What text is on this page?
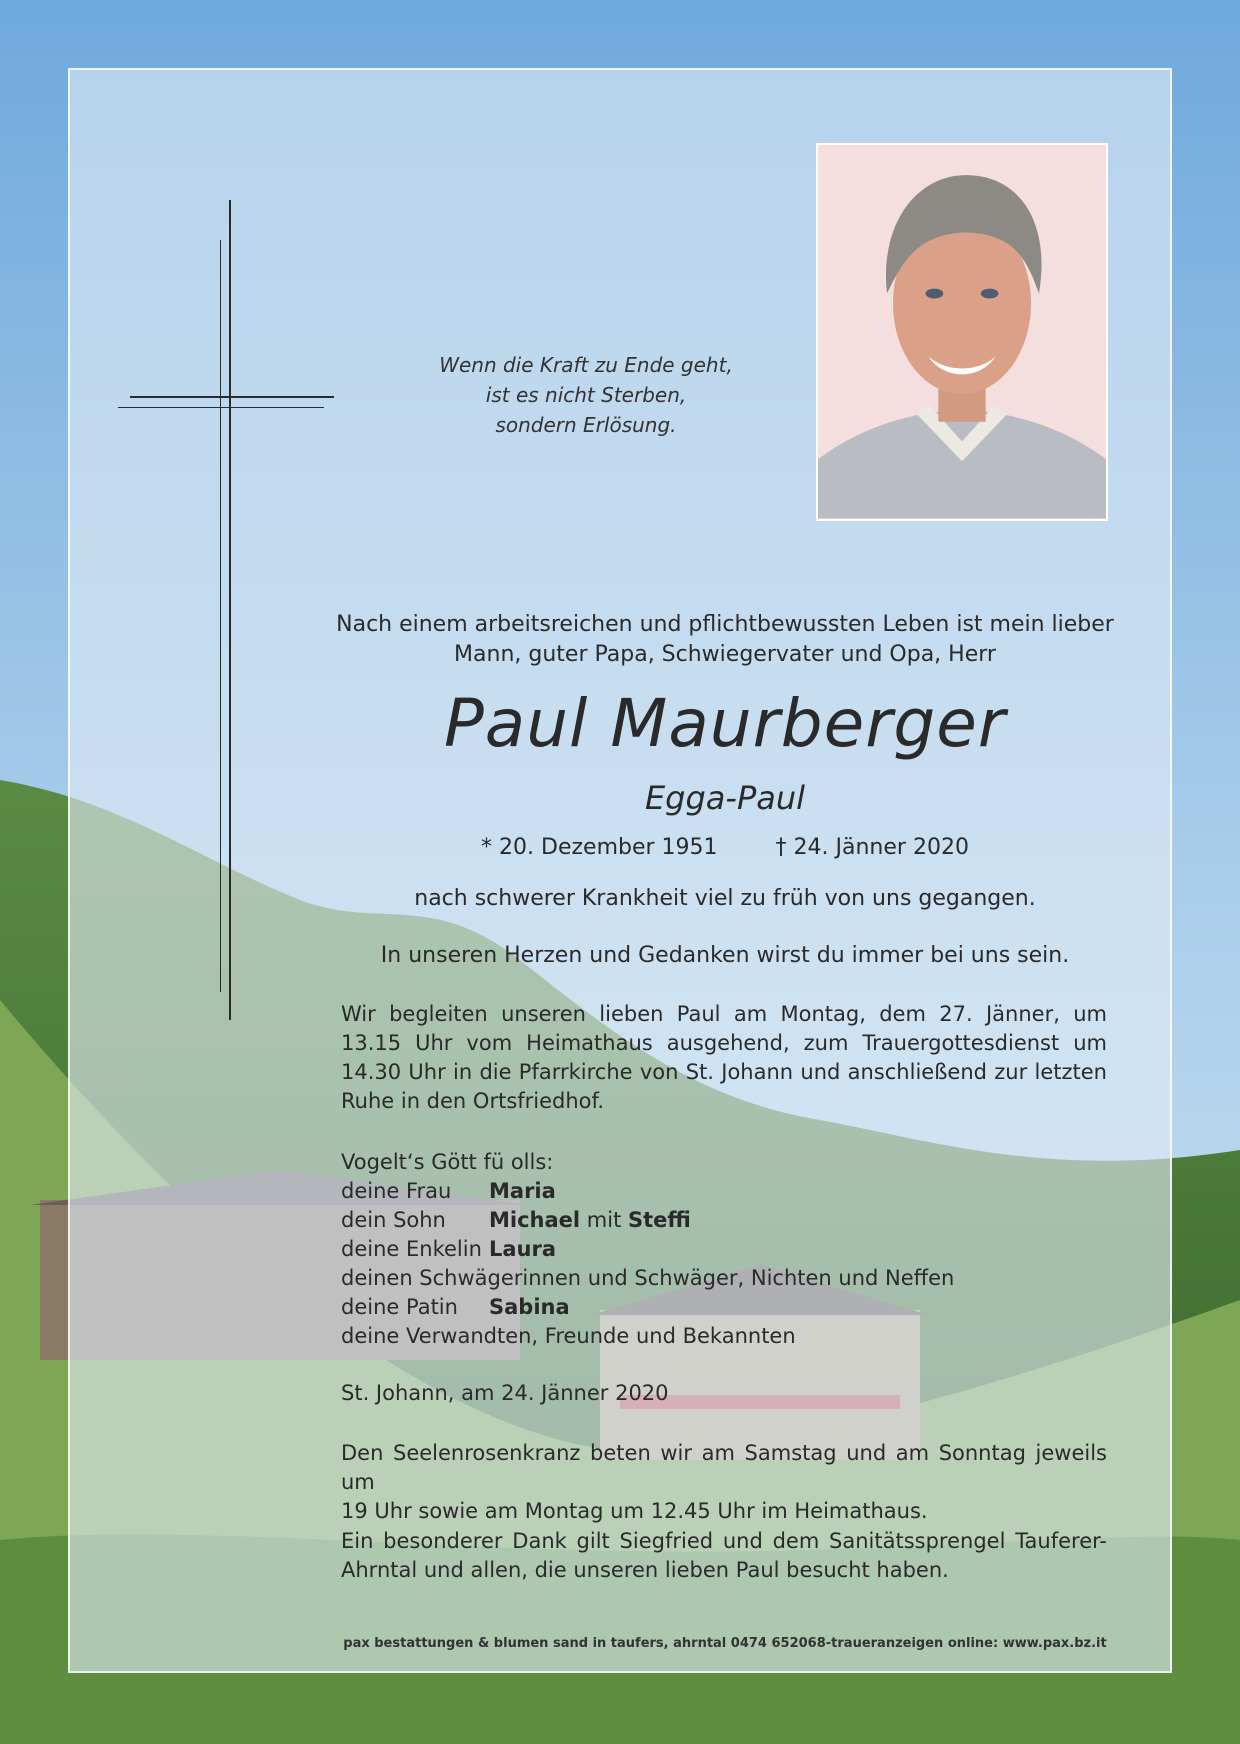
Wenn die Kraft zu Ende geht,
ist es nicht Sterben,
sondern Erlösung.
Nach einem arbeitsreichen und pflichtbewussten Leben ist mein lieber
Mann, guter Papa, Schwiegervater und Opa, Herr
Paul Maurberger
Egga-Paul
* 20. Dezember 1951	† 24. Jänner 2020
nach schwerer Krankheit viel zu früh von uns gegangen.
In unseren Herzen und Gedanken wirst du immer bei uns sein.
Wir begleiten unseren lieben Paul am Montag, dem 27. Jänner, um
13.15 Uhr vom Heimathaus ausgehend, zum Trauergottesdienst um
14.30 Uhr in die Pfarrkirche von St. Johann und anschließend zur letzten
Ruhe in den Ortsfriedhof.
Vogelt‘s Gött fü olls:
deine Frau Maria
dein Sohn Michael mit Steffi
deine Enkelin Laura
deinen Schwägerinnen und Schwäger, Nichten und Neffen
deine Patin Sabina
deine Verwandten, Freunde und Bekannten
St. Johann, am 24. Jänner 2020
Den Seelenrosenkranz beten wir am Samstag und am Sonntag jeweils um
19 Uhr sowie am Montag um 12.45 Uhr im Heimathaus.
Ein besonderer Dank gilt Siegfried und dem Sanitätssprengel Tauferer-
Ahrntal und allen, die unseren lieben Paul besucht haben.
pax bestattungen & blumen sand in taufers, ahrntal 0474 652068-traueranzeigen online: www.pax.bz.it
